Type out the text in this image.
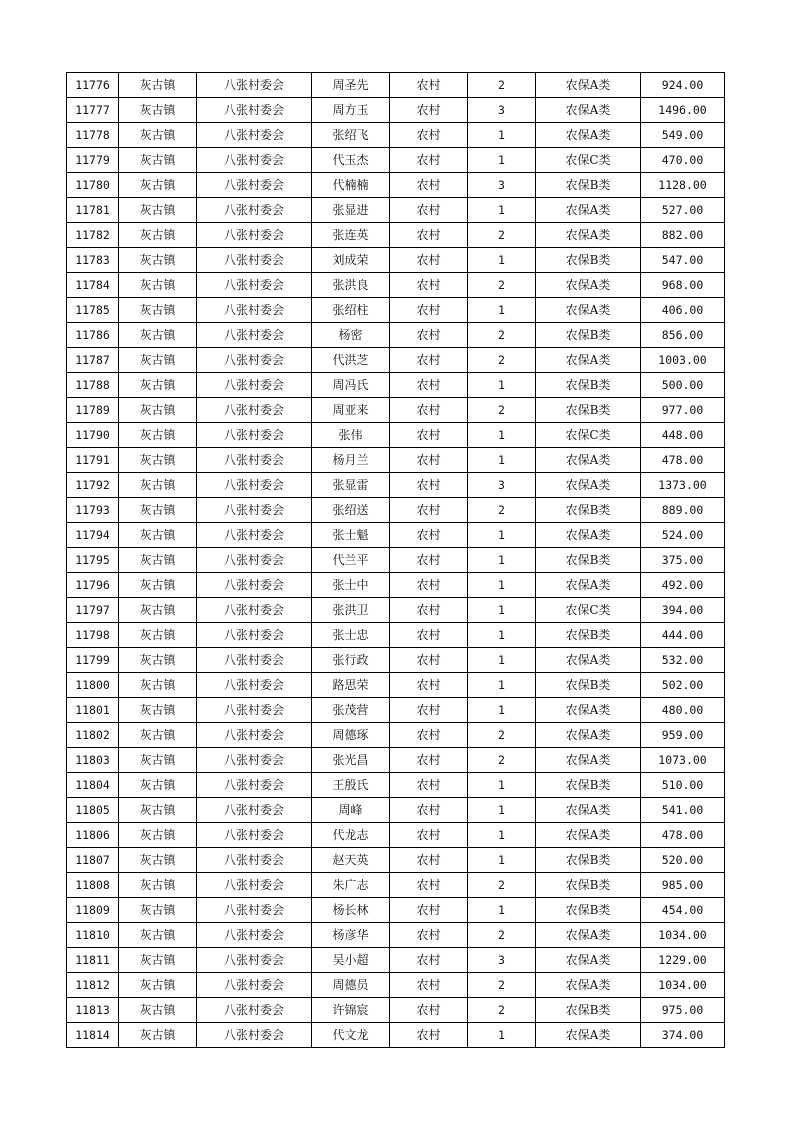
11776	灰古镇	八张村委会	周圣先	农村	2	农保A类	924.00
11777	灰古镇	八张村委会	周方玉	农村	3	农保A类	1496.00
11778	灰古镇	八张村委会	张绍飞	农村	1	农保A类	549.00
11779	灰古镇	八张村委会	代玉杰	农村	1	农保C类	470.00
11780	灰古镇	八张村委会	代楠楠	农村	3	农保B类	1128.00
11781	灰古镇	八张村委会	张显进	农村	1	农保A类	527.00
11782	灰古镇	八张村委会	张连英	农村	2	农保A类	882.00
11783	灰古镇	八张村委会	刘成荣	农村	1	农保B类	547.00
11784	灰古镇	八张村委会	张洪良	农村	2	农保A类	968.00
11785	灰古镇	八张村委会	张绍柱	农村	1	农保A类	406.00
11786	灰古镇	八张村委会	杨密	农村	2	农保B类	856.00
11787	灰古镇	八张村委会	代洪芝	农村	2	农保A类	1003.00
11788	灰古镇	八张村委会	周冯氏	农村	1	农保B类	500.00
11789	灰古镇	八张村委会	周亚来	农村	2	农保B类	977.00
11790	灰古镇	八张村委会	张伟	农村	1	农保C类	448.00
11791	灰古镇	八张村委会	杨月兰	农村	1	农保A类	478.00
11792	灰古镇	八张村委会	张显雷	农村	3	农保A类	1373.00
11793	灰古镇	八张村委会	张绍送	农村	2	农保B类	889.00
11794	灰古镇	八张村委会	张士魁	农村	1	农保A类	524.00
11795	灰古镇	八张村委会	代兰平	农村	1	农保B类	375.00
11796	灰古镇	八张村委会	张士中	农村	1	农保A类	492.00
11797	灰古镇	八张村委会	张洪卫	农村	1	农保C类	394.00
11798	灰古镇	八张村委会	张士忠	农村	1	农保B类	444.00
11799	灰古镇	八张村委会	张行政	农村	1	农保A类	532.00
11800	灰古镇	八张村委会	路思荣	农村	1	农保B类	502.00
11801	灰古镇	八张村委会	张茂营	农村	1	农保A类	480.00
11802	灰古镇	八张村委会	周德琢	农村	2	农保A类	959.00
11803	灰古镇	八张村委会	张光昌	农村	2	农保A类	1073.00
11804	灰古镇	八张村委会	王殷氏	农村	1	农保B类	510.00
11805	灰古镇	八张村委会	周峰	农村	1	农保A类	541.00
11806	灰古镇	八张村委会	代龙志	农村	1	农保A类	478.00
11807	灰古镇	八张村委会	赵天英	农村	1	农保B类	520.00
11808	灰古镇	八张村委会	朱广志	农村	2	农保B类	985.00
11809	灰古镇	八张村委会	杨长林	农村	1	农保B类	454.00
11810	灰古镇	八张村委会	杨彦华	农村	2	农保A类	1034.00
11811	灰古镇	八张村委会	吴小超	农村	3	农保A类	1229.00
11812	灰古镇	八张村委会	周德员	农村	2	农保A类	1034.00
11813	灰古镇	八张村委会	许锦宸	农村	2	农保B类	975.00
11814	灰古镇	八张村委会	代文龙	农村	1	农保A类	374.00
